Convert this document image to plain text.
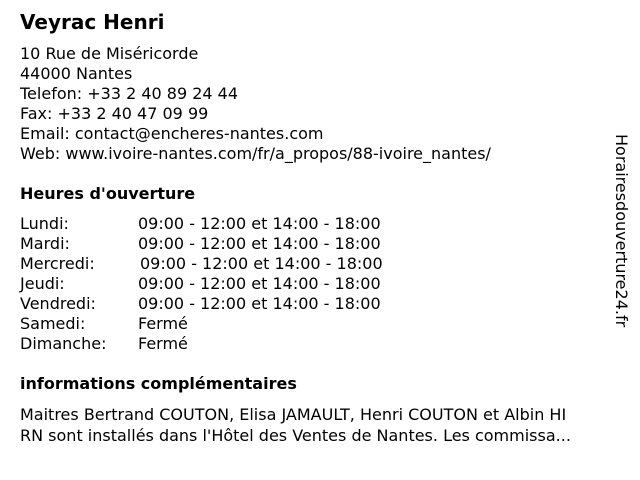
Veyrac Henri
10 Rue de Miséricorde
44000 Nantes
Telefon: +33 2 40 89 24 44
Fax: +33 2 40 47 09 99
Email: contact@encheres-nantes.com
Web: www.ivoire-nantes.com/fr/a_propos/88-ivoire_nantes/
Heures d'ouverture
Lundi:	09:00 - 12:00 et 14:00 - 18:00
Mardi:	09:00 - 12:00 et 14:00 - 18:00
Mercredi:	09:00 - 12:00 et 14:00 - 18:00
Jeudi:	09:00 - 12:00 et 14:00 - 18:00
Vendredi:	09:00 - 12:00 et 14:00 - 18:00
Samedi:	Fermé
Dimanche: Fermé
informations complémentaires
Maitres Bertrand COUTON, Elisa JAMAULT, Henri COUTON et Albin HI
RN sont installés dans l'Hôtel des Ventes de Nantes. Les commissa...
Horairesdouverture24.fr
